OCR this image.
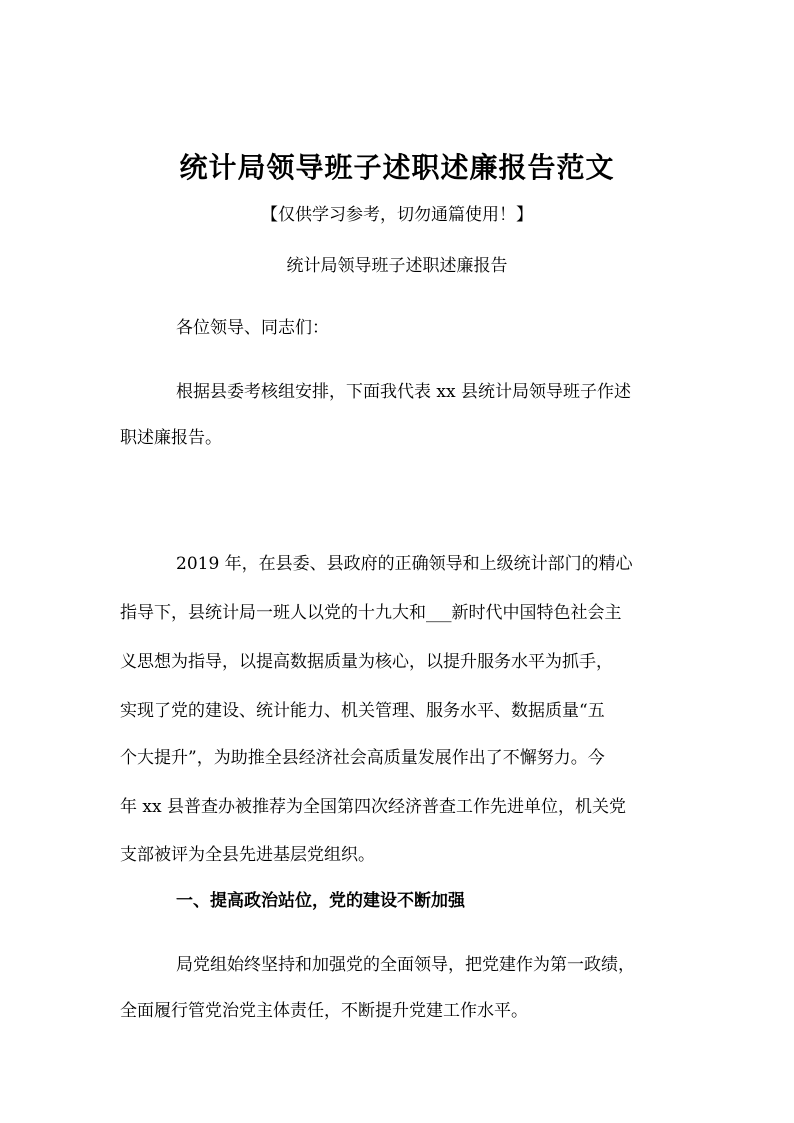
统计局领导班子述职述廉报告范文
【仅供学习参考，切勿通篇使用！】
统计局领导班子述职述廉报告
各位领导、同志们：
根据县委考核组安排，下面我代表 xx 县统计局领导班子作述
职述廉报告。
2019 年，在县委、县政府的正确领导和上级统计部门的精心
指导下，县统计局一班人以党的十九大和___新时代中国特色社会主
义思想为指导，以提高数据质量为核心，以提升服务水平为抓手，
实现了党的建设、统计能力、机关管理、服务水平、数据质量“五
个大提升”，为助推全县经济社会高质量发展作出了不懈努力。今
年 xx 县普查办被推荐为全国第四次经济普查工作先进单位，机关党
支部被评为全县先进基层党组织。
一、提高政治站位，党的建设不断加强
局党组始终坚持和加强党的全面领导，把党建作为第一政绩，
全面履行管党治党主体责任，不断提升党建工作水平。
